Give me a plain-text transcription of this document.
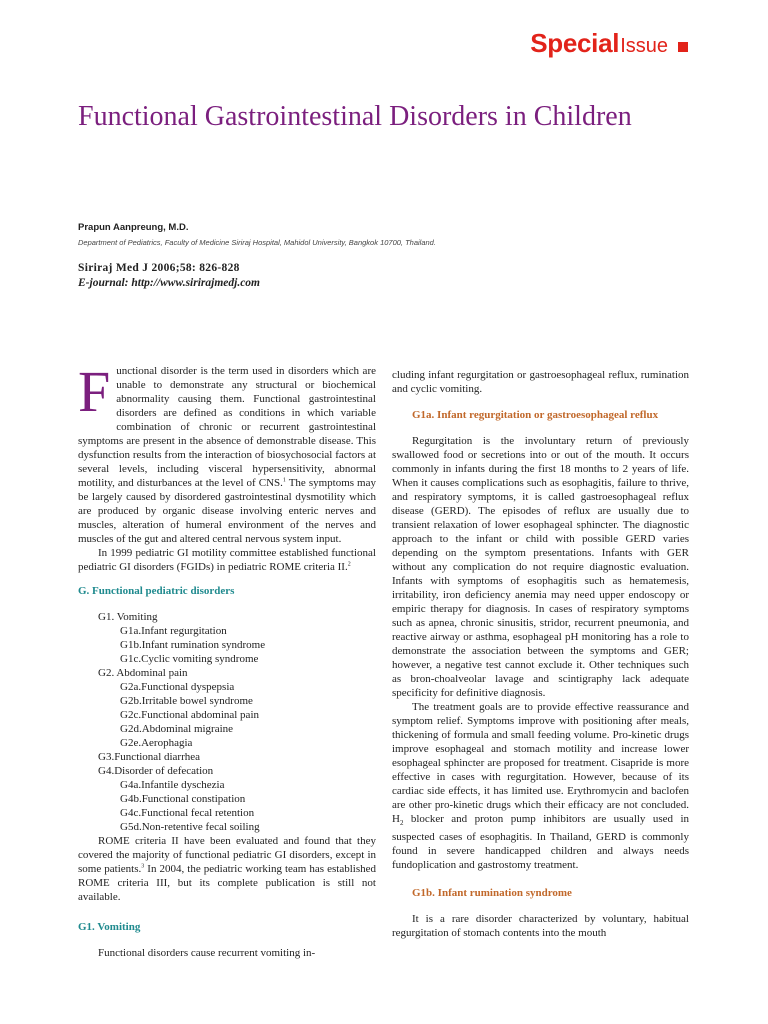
Special Issue
Functional Gastrointestinal Disorders in Children
Prapun Aanpreung, M.D.
Department of Pediatrics, Faculty of Medicine Siriraj Hospital, Mahidol University, Bangkok 10700, Thailand.
Siriraj Med J 2006;58: 826-828
E-journal: http://www.sirirajmedj.com

Functional disorder is the term used in disorders which are unable to demonstrate any structural or biochemical abnormality causing them. Functional gastrointestinal disorders are defined as conditions in which variable combination of chronic or recurrent gastrointestinal symptoms are present in the absence of demonstrable disease. This dysfunction results from the interaction of biosychosocial factors at several levels, including visceral hypersensitivity, abnormal motility, and disturbances at the level of CNS.$^1$ The symptoms may be largely caused by disordered gastrointestinal dysmotility which are produced by organic disease involving enteric nerves and muscles, alteration of humeral environment of the nerves and muscles of the gut and altered central nervous system input.

In 1999 pediatric GI motility committee established functional pediatric GI disorders (FGIDs) in pediatric ROME criteria II.$^2$

G. Functional pediatric disorders
G1. Vomiting
G1a.Infant regurgitation
G1b.Infant rumination syndrome
G1c.Cyclic vomiting syndrome
G2. Abdominal pain
G2a.Functional dyspepsia
G2b.Irritable bowel syndrome
G2c.Functional abdominal pain
G2d.Abdominal migraine
G2e.Aerophagia
G3.Functional diarrhea
G4.Disorder of defecation
G4a.Infantile dyschezia
G4b.Functional constipation
G4c.Functional fecal retention
G5d.Non-retentive fecal soiling

ROME criteria II have been evaluated and found that they covered the majority of functional pediatric GI disorders, except in some patients.$^3$ In 2004, the pediatric working team has established ROME criteria III, but its complete publication is still not available.

G1. Vomiting

Functional disorders cause recurrent vomiting in-

cluding infant regurgitation or gastroesophageal reflux, rumination and cyclic vomiting.

G1a. Infant regurgitation or gastroesophageal reflux

Regurgitation is the involuntary return of previously swallowed food or secretions into or out of the mouth. It occurs commonly in infants during the first 18 months to 2 years of life. When it causes complications such as esophagitis, failure to thrive, and respiratory symptoms, it is called gastroesophageal reflux disease (GERD). The episodes of reflux are usually due to transient relaxation of lower esophageal sphincter. The diagnostic approach to the infant or child with possible GERD varies depending on the symptom presentations. Infants with GER without any complication do not require diagnostic evaluation. Infants with symptoms of esophagitis such as hematemesis, irritability, iron deficiency anemia may need upper endoscopy or empiric therapy for diagnosis. In cases of respiratory symptoms such as apnea, chronic sinusitis, stridor, recurrent pneumonia, and reactive airway or asthma, esophageal pH monitoring has a role to demonstrate the association between the symptoms and GER; however, a negative test cannot exclude it. Other techniques such as bron-choalveolar lavage and scintigraphy lack adequate specificity for definitive diagnosis.

The treatment goals are to provide effective reassurance and symptom relief. Symptoms improve with positioning after meals, thickening of formula and small feeding volume. Pro-kinetic drugs improve esophageal and stomach motility and increase lower esophageal sphincter are proposed for treatment. Cisapride is more effective in cases with regurgitation. However, because of its cardiac side effects, it has limited use. Erythromycin and baclofen are other pro-kinetic drugs which their efficacy are not concluded. $H_2$ blocker and proton pump inhibitors are usually used in suspected cases of esophagitis. In Thailand, GERD is commonly found in severe handicapped children and always needs fundoplication and gastrostomy treatment.

G1b. Infant rumination syndrome

It is a rare disorder characterized by voluntary, habitual regurgitation of stomach contents into the mouth
